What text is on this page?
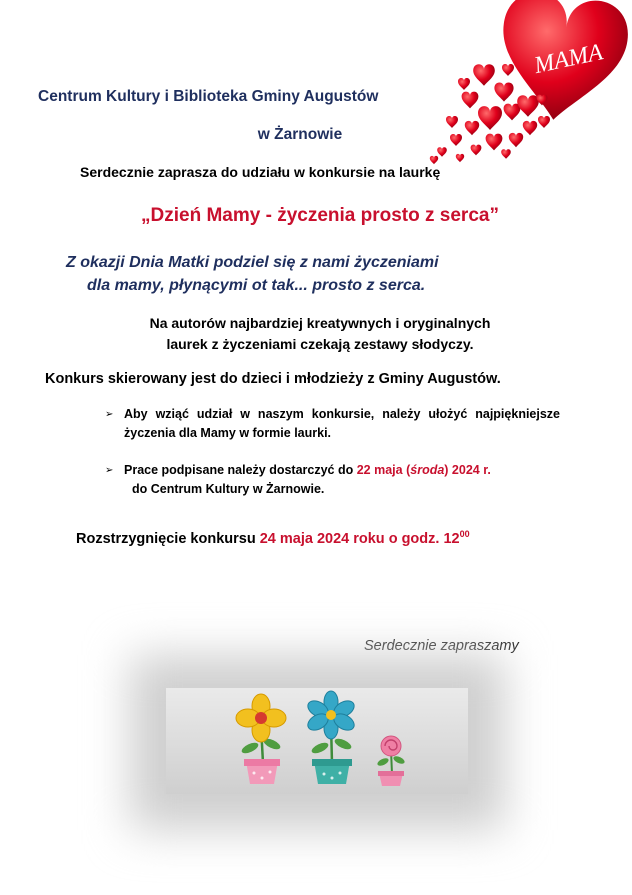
MAMA
Centrum Kultury i Biblioteka Gminy Augustów
w Żarnowie
Serdecznie zaprasza do udziału w konkursie na laurkę
„Dzień Mamy - życzenia prosto z serca”
Z okazji Dnia Matki podziel się z nami życzeniami
dla mamy, płynącymi ot tak... prosto z serca.
Na autorów najbardziej kreatywnych i oryginalnych
laurek z życzeniami czekają zestawy słodyczy.
Konkurs skierowany jest do dzieci i młodzieży z Gminy Augustów.
➢ Aby wziąć udział w naszym konkursie, należy ułożyć najpiękniejsze życzenia dla Mamy w formie laurki.
➢ Prace podpisane należy dostarczyć do 22 maja (środa) 2024 r.
do Centrum Kultury w Żarnowie.
Rozstrzygnięcie konkursu 24 maja 2024 roku o godz. $12^{00}$
Serdecznie zapraszamy
